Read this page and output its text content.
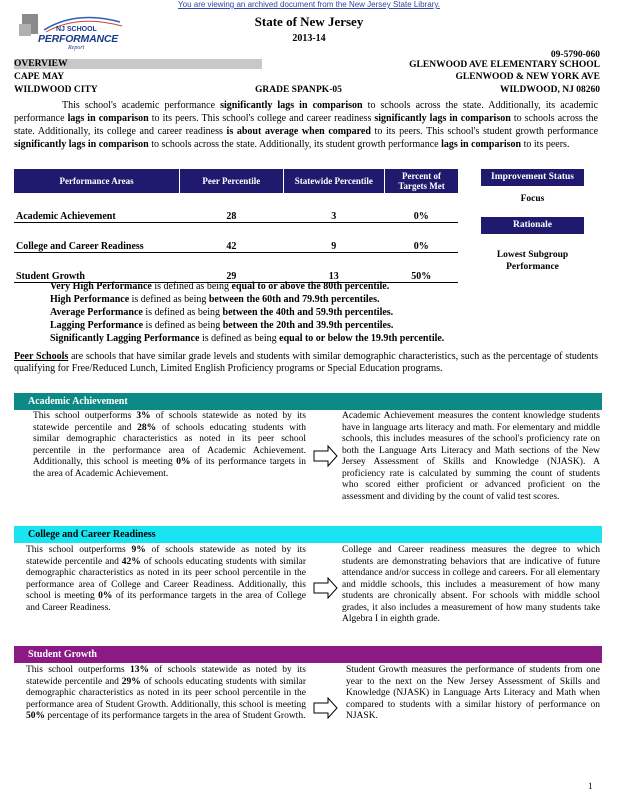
You are viewing an archived document from the New Jersey State Library.
NJ SCHOOL
PERFORMANCE
Report
State of New Jersey
2013-14
09-5790-060
OVERVIEW	GLENWOOD AVE ELEMENTARY SCHOOL
CAPE MAY	GLENWOOD & NEW YORK AVE
WILDWOOD CITY	GRADE SPAN PK-05	WILDWOOD, NJ 08260
This school's academic performance significantly lags in comparison to schools across the state. Additionally, its academic performance lags in comparison to its peers. This school's college and career readiness significantly lags in comparison to schools across the state. Additionally, its college and career readiness is about average when compared to its peers. This school's student growth performance significantly lags in comparison to schools across the state. Additionally, its student growth performance lags in comparison to its peers.
Performance Areas	Peer Percentile	Statewide Percentile	Percent of Targets Met
Academic Achievement	28	3	0%
College and Career Readiness	42	9	0%
Student Growth	29	13	50%
Improvement Status
Focus
Rationale
Lowest Subgroup Performance
Very High Performance is defined as being equal to or above the 80th percentile.
High Performance is defined as being between the 60th and 79.9th percentiles.
Average Performance is defined as being between the 40th and 59.9th percentiles.
Lagging Performance is defined as being between the 20th and 39.9th percentiles.
Significantly Lagging Performance is defined as being equal to or below the 19.9th percentile.
Peer Schools are schools that have similar grade levels and students with similar demographic characteristics, such as the percentage of students qualifying for Free/Reduced Lunch, Limited English Proficiency programs or Special Education programs.
Academic Achievement
This school outperforms 3% of schools statewide as noted by its statewide percentile and 28% of schools educating students with similar demographic characteristics as noted in its peer school percentile in the performance area of Academic Achievement. Additionally, this school is meeting 0% of its performance targets in the area of Academic Achievement.
Academic Achievement measures the content knowledge students have in language arts literacy and math. For elementary and middle schools, this includes measures of the school's proficiency rate on both the Language Arts Literacy and Math sections of the New Jersey Assessment of Skills and Knowledge (NJASK). A proficiency rate is calculated by summing the count of students who scored either proficient or advanced proficient on the assessment and dividing by the count of valid test scores.
College and Career Readiness
This school outperforms 9% of schools statewide as noted by its statewide percentile and 42% of schools educating students with similar demographic characteristics as noted in its peer school percentile in the performance area of College and Career Readiness. Additionally, this school is meeting 0% of its performance targets in the area of College and Career Readiness.
College and Career readiness measures the degree to which students are demonstrating behaviors that are indicative of future attendance and/or success in college and careers. For all elementary and middle schools, this includes a measurement of how many students are chronically absent. For schools with middle school grades, it also includes a measurement of how many students take Algebra I in eighth grade.
Student Growth
This school outperforms 13% of schools statewide as noted by its statewide percentile and 29% of schools educating students with similar demographic characteristics as noted in its peer school percentile in the performance area of Student Growth. Additionally, this school is meeting 50% percentage of its performance targets in the area of Student Growth.
Student Growth measures the performance of students from one year to the next on the New Jersey Assessment of Skills and Knowledge (NJASK) in Language Arts Literacy and Math when compared to students with a similar history of performance on NJASK.
1
